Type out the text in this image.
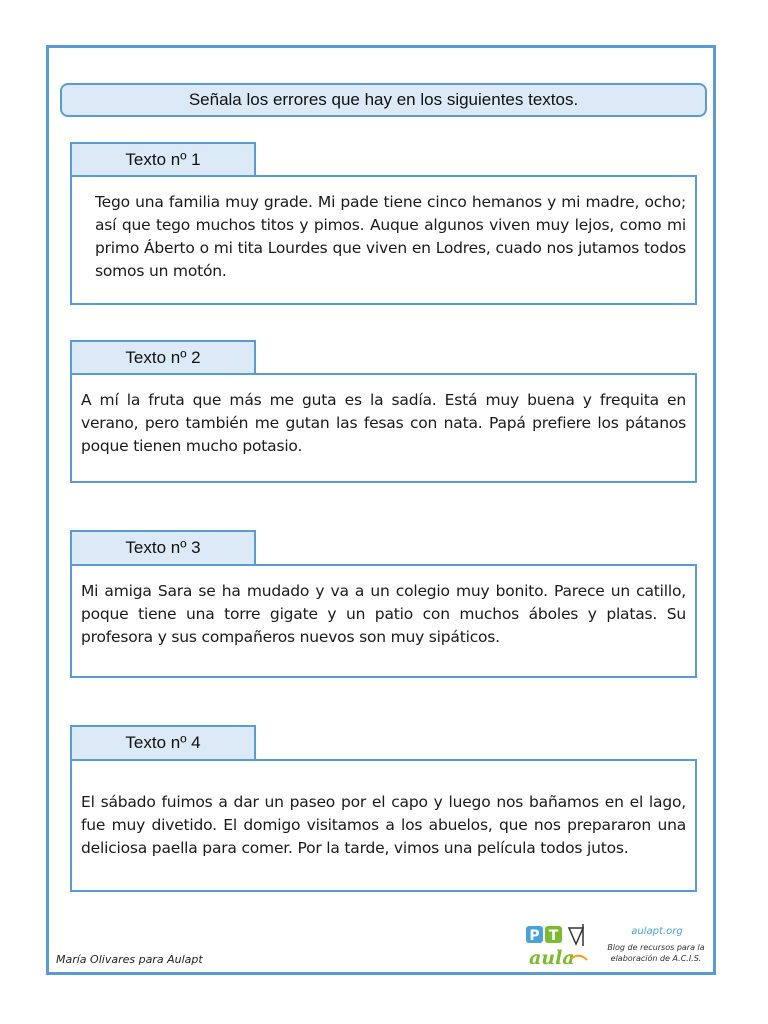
Señala los errores que hay en los siguientes textos.
Texto nº 1

Tego una familia muy grade. Mi pade tiene cinco hemanos y mi madre, ocho; así que tego muchos titos y pimos. Auque algunos viven muy lejos, como mi primo Áberto o mi tita Lourdes que viven en Lodres, cuado nos jutamos todos somos un motón.

Texto nº 2

A mí la fruta que más me guta es la sadía. Está muy buena y frequita en verano, pero también me gutan las fesas con nata. Papá prefiere los pátanos poque tienen mucho potasio.

Texto nº 3

Mi amiga Sara se ha mudado y va a un colegio muy bonito. Parece un catillo, poque tiene una torre gigate y un patio con muchos áboles y platas. Su profesora y sus compañeros nuevos son muy sipáticos.

Texto nº 4

El sábado fuimos a dar un paseo por el capo y luego nos bañamos en el lago, fue muy divetido. El domigo visitamos a los abuelos, que nos prepararon una deliciosa paella para comer. Por la tarde, vimos una película todos jutos.

María Olivares para Aulapt
P T
aula
aulapt.org
Blog de recursos para la
elaboración de A.C.I.S.
